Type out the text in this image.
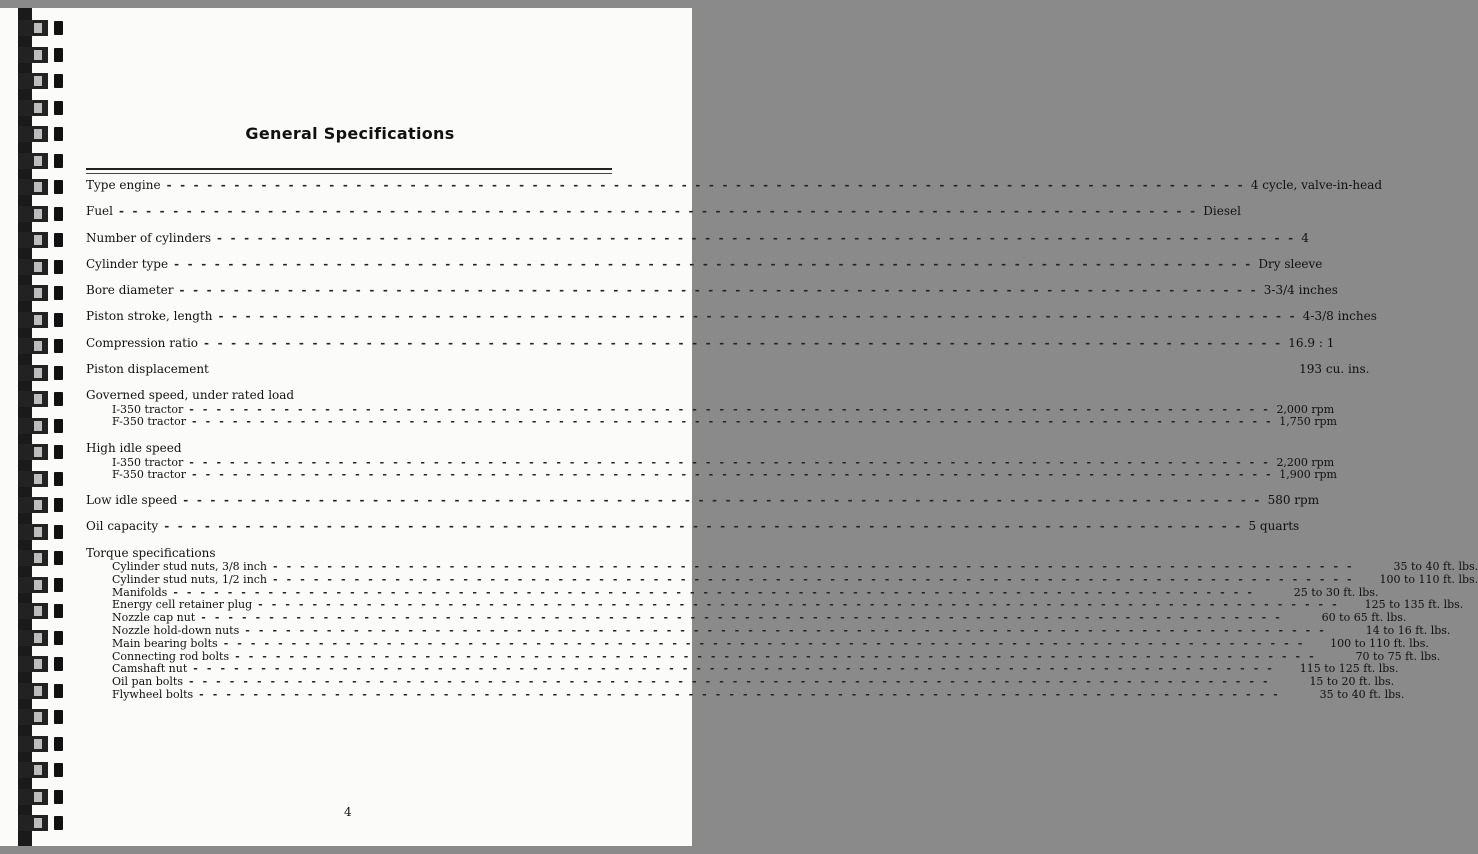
General Specifications
Type engine - - - - - - - - - - - - - - - - - - - - - - - - - - - - - - - - - - - - - - - - - - - - - - - - - - - - - - - - - - - - - - - - - - - - - - - - - - - - - - - - 4 cycle, valve-in-head
Fuel - - - - - - - - - - - - - - - - - - - - - - - - - - - - - - - - - - - - - - - - - - - - - - - - - - - - - - - - - - - - - - - - - - - - - - - - - - - - - - - - Diesel
Number of cylinders - - - - - - - - - - - - - - - - - - - - - - - - - - - - - - - - - - - - - - - - - - - - - - - - - - - - - - - - - - - - - - - - - - - - - - - - - - - - - - - - 4
Cylinder type - - - - - - - - - - - - - - - - - - - - - - - - - - - - - - - - - - - - - - - - - - - - - - - - - - - - - - - - - - - - - - - - - - - - - - - - - - - - - - - - Dry sleeve
Bore diameter - - - - - - - - - - - - - - - - - - - - - - - - - - - - - - - - - - - - - - - - - - - - - - - - - - - - - - - - - - - - - - - - - - - - - - - - - - - - - - - - 3-3/4 inches
Piston stroke, length - - - - - - - - - - - - - - - - - - - - - - - - - - - - - - - - - - - - - - - - - - - - - - - - - - - - - - - - - - - - - - - - - - - - - - - - - - - - - - - - 4-3/8 inches
Compression ratio - - - - - - - - - - - - - - - - - - - - - - - - - - - - - - - - - - - - - - - - - - - - - - - - - - - - - - - - - - - - - - - - - - - - - - - - - - - - - - - - 16.9 : 1
Piston displacement	193 cu. ins.
Governed speed, under rated load
I-350 tractor - - - - - - - - - - - - - - - - - - - - - - - - - - - - - - - - - - - - - - - - - - - - - - - - - - - - - - - - - - - - - - - - - - - - - - - - - - - - - - - - 2,000 rpm
F-350 tractor - - - - - - - - - - - - - - - - - - - - - - - - - - - - - - - - - - - - - - - - - - - - - - - - - - - - - - - - - - - - - - - - - - - - - - - - - - - - - - - - 1,750 rpm
High idle speed
I-350 tractor - - - - - - - - - - - - - - - - - - - - - - - - - - - - - - - - - - - - - - - - - - - - - - - - - - - - - - - - - - - - - - - - - - - - - - - - - - - - - - - - 2,200 rpm
F-350 tractor - - - - - - - - - - - - - - - - - - - - - - - - - - - - - - - - - - - - - - - - - - - - - - - - - - - - - - - - - - - - - - - - - - - - - - - - - - - - - - - - 1,900 rpm
Low idle speed - - - - - - - - - - - - - - - - - - - - - - - - - - - - - - - - - - - - - - - - - - - - - - - - - - - - - - - - - - - - - - - - - - - - - - - - - - - - - - - - 580 rpm
Oil capacity - - - - - - - - - - - - - - - - - - - - - - - - - - - - - - - - - - - - - - - - - - - - - - - - - - - - - - - - - - - - - - - - - - - - - - - - - - - - - - - - 5 quarts
Torque specifications
Cylinder stud nuts, 3/8 inch - - - - - - - - - - - - - - - - - - - - - - - - - - - - - - - - - - - - - - - - - - - - - - - - - - - - - - - - - - - - - - - - - - - - - - - - - - - - - - - -	35 to 40 ft. lbs.
Cylinder stud nuts, 1/2 inch - - - - - - - - - - - - - - - - - - - - - - - - - - - - - - - - - - - - - - - - - - - - - - - - - - - - - - - - - - - - - - - - - - - - - - - - - - - - - - - -	100 to 110 ft. lbs.
Manifolds - - - - - - - - - - - - - - - - - - - - - - - - - - - - - - - - - - - - - - - - - - - - - - - - - - - - - - - - - - - - - - - - - - - - - - - - - - - - - - - -	25 to 30 ft. lbs.
Energy cell retainer plug - - - - - - - - - - - - - - - - - - - - - - - - - - - - - - - - - - - - - - - - - - - - - - - - - - - - - - - - - - - - - - - - - - - - - - - - - - - - - - - -	125 to 135 ft. lbs.
Nozzle cap nut - - - - - - - - - - - - - - - - - - - - - - - - - - - - - - - - - - - - - - - - - - - - - - - - - - - - - - - - - - - - - - - - - - - - - - - - - - - - - - - -	60 to 65 ft. lbs.
Nozzle hold-down nuts - - - - - - - - - - - - - - - - - - - - - - - - - - - - - - - - - - - - - - - - - - - - - - - - - - - - - - - - - - - - - - - - - - - - - - - - - - - - - - - -	14 to 16 ft. lbs.
Main bearing bolts - - - - - - - - - - - - - - - - - - - - - - - - - - - - - - - - - - - - - - - - - - - - - - - - - - - - - - - - - - - - - - - - - - - - - - - - - - - - - - - -	100 to 110 ft. lbs.
Connecting rod bolts - - - - - - - - - - - - - - - - - - - - - - - - - - - - - - - - - - - - - - - - - - - - - - - - - - - - - - - - - - - - - - - - - - - - - - - - - - - - - - - -	70 to 75 ft. lbs.
Camshaft nut - - - - - - - - - - - - - - - - - - - - - - - - - - - - - - - - - - - - - - - - - - - - - - - - - - - - - - - - - - - - - - - - - - - - - - - - - - - - - - - -	115 to 125 ft. lbs.
Oil pan bolts - - - - - - - - - - - - - - - - - - - - - - - - - - - - - - - - - - - - - - - - - - - - - - - - - - - - - - - - - - - - - - - - - - - - - - - - - - - - - - - -	15 to 20 ft. lbs.
Flywheel bolts - - - - - - - - - - - - - - - - - - - - - - - - - - - - - - - - - - - - - - - - - - - - - - - - - - - - - - - - - - - - - - - - - - - - - - - - - - - - - - - -	35 to 40 ft. lbs.
4
